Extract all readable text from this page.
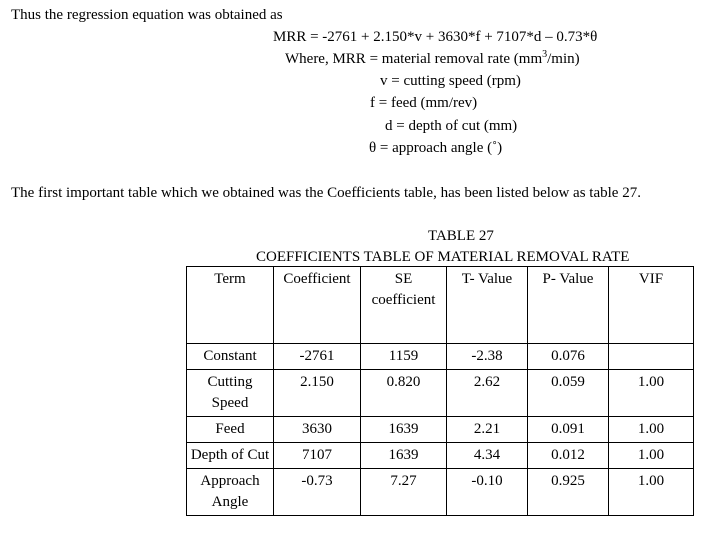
Thus the regression equation was obtained as
MRR = -2761 + 2.150*v + 3630*f + 7107*d – 0.73*θ
Where, MRR = material removal rate $(mm^3/\min)$
v = cutting speed (rpm)
f = feed (mm/rev)
d = depth of cut (mm)
θ = approach angle (˚)
The first important table which we obtained was the Coefficients table, has been listed below as table 27.
TABLE 27
COEFFICIENTS TABLE OF MATERIAL REMOVAL RATE
Term	Coefficient	SE coefficient	T- Value	P- Value	VIF
Constant	-2761	1159	-2.38	0.076	
Cutting Speed	2.150	0.820	2.62	0.059	1.00
Feed	3630	1639	2.21	0.091	1.00
Depth of Cut	7107	1639	4.34	0.012	1.00
Approach Angle	-0.73	7.27	-0.10	0.925	1.00
